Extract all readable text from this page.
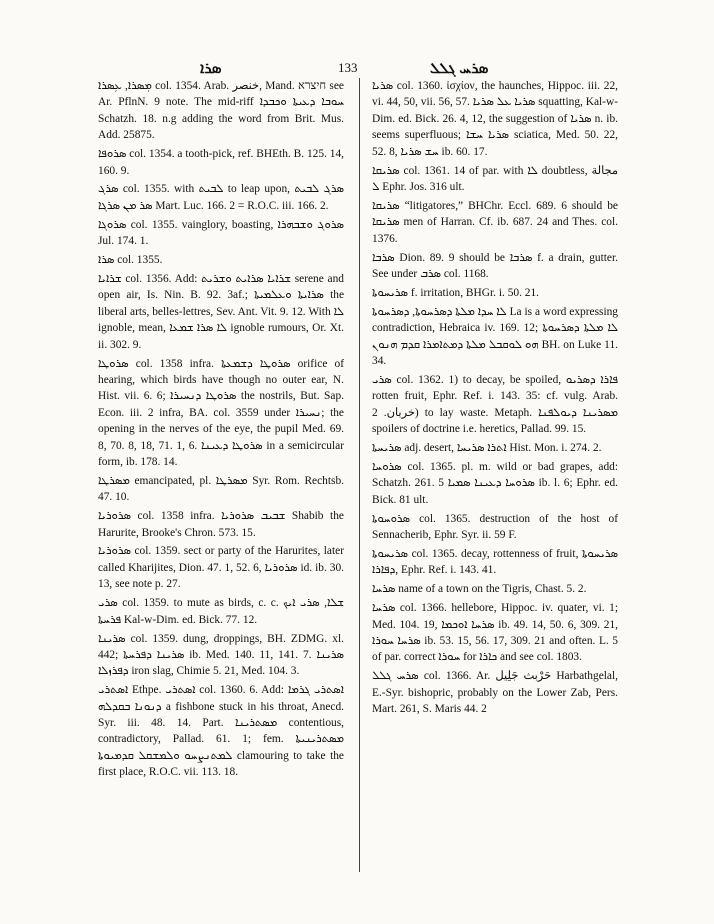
ܣܪܐ	133	ܣܪܚ ܓܠܠ

ܡܼܣܪܐ, ܥܼܣܪܐ col. 1354. Arab. خنصر, Mand. חיצרא see Ar. PflnN. 9 note. The mid-riff ܚܘܒܐ ܕܥܝܬܐ ܘܟܒܕܐ Schatzh. 18. n.g adding the word from Brit. Mus. Add. 25875.

ܣܪܘܦܐ col. 1354. a tooth-pick, ref. BHEth. B. 125. 14, 160. 9.

ܣܪܓ col. 1355. with ܠܒܝܬ to leap upon, ܣܪܓ ܠܒܝܬ ܣܪ ܡܢ ܣܪܓܐ Mart. Luc. 166. 2 = R.O.C. iii. 166. 2.

ܣܪܘܓܐ col. 1355. vainglory, boasting, ܣܪܘܓ ܘܫܒܗܪܐ Jul. 174. 1.

ܣܪܐ col. 1355.

ܫܪܐܝܐ col. 1356. Add: ܫܪܐܝܐ ܣܪܐܝܬ ܘܫܪܝܬ serene and open air, Is. Nin. B. 92. 3af.; ܣܪܐܝܬܐ ܘܥܠܡܝܬܐ the liberal arts, belles-lettres, Sev. Ant. Vit. 9. 12. With ܠܐ ignoble, mean, ܠܐ ܣܪܐ ܫܡܥܐ ignoble rumours, Or. Xt. ii. 302. 9.

ܣܪܘܛܐ col. 1358 infra. ܣܪܘܛܐ ܕܫܡܥܬܐ orifice of hearing, which birds have though no outer ear, N. Hist. vii. 6. 6; ܣܪܘܛܐ ܕܢܚܝܪܐ the nostrils, But. Sap. Econ. iii. 2 infra, BA. col. 3559 under ܢܚܝܪܐ; the opening in the nerves of the eye, the pupil Med. 69. 8, 70. 8, 18, 71. 1, 6. ܣܪܘܛܐ ܕܥܝܢܐ in a semicircular form, ib. 178. 14.

ܡܣܪܛܐ emancipated, pl. ܡܣܪܛܐ Syr. Rom. Rechtsb. 47. 10.

ܣܪܘܪܝܐ col. 1358 infra. ܫܒܝܒ ܣܪܘܪܝܐ Shabib the Harurite, Brooke's Chron. 573. 15.

ܣܪܘܪܝܐ col. 1359. sect or party of the Harurites, later called Kharijites, Dion. 47. 1, 52. 6, ܣܪܘܪܝܐ id. ib. 30. 13, see note p. 27.

ܣܪܝ col. 1359. to mute as birds, c. c. ܫܠܐ, ܣܪܝ ܐܝܟ ܦܪܚܬܐ Kal-w-Dim. ed. Bick. 77. 12.

ܣܪܝܢܐ col. 1359. dung, droppings, BH. ZDMG. xl. 442; ܣܪܝܢܐ ܕܦܪܚܬܐ ib. Med. 140. 11, 141. 7. ܣܪܝܢܐ ܕܦܪܙܠܐ iron slag, Chimie 5. 21, Med. 104. 3.

ܐܣܬܪܝ Ethpe. ܐܣܬܪܝ col. 1360. 6. Add: ܐܣܬܪܝ ܓܪܡܐ ܕܢܘܢܐ ܒܩܕܠܗ a fishbone stuck in his throat, Anecd. Syr. iii. 48. 14. Part. ܡܣܬܪܝܢܐ contentious, contradictory, Pallad. 61. 1; fem. ܡܣܬܪܝܢܝܬܐ ܠܡܬܢܨܚܘ ܘܠܡܫܩܠ ܩܕܡܝܘܬܐ clamouring to take the first place, R.O.C. vii. 113. 18.

ܣܪܝܐ col. 1360. ἰσχίον, the haunches, Hippoc. iii. 22, vi. 44, 50, vii. 56, 57. ܣܪܝܐ ܥܠ ܣܪܝܐ squatting, Kal-w-Dim. ed. Bick. 26. 4, 12, the suggestion of ܣܪܝܐ n. ib. seems superfluous; ܣܪܝܐ ܚܫܐ sciatica, Med. 50. 22, 52. 8, ܚܫ ܣܪܝܐ ib. 60. 17.

ܣܪܝܩܐ col. 1361. 14 of par. with ܠܐ doubtless, مجالة ܠ Ephr. Jos. 316 ult.

ܣܪܝܩܐ “litigatores,” BHChr. Eccl. 689. 6 should be ܣܪܝܩܐ men of Harran. Cf. ib. 687. 24 and Thes. col. 1376.

ܣܪܒܐ Dion. 89. 9 should be ܣܪܒܐ f. a drain, gutter. See under ܣܪܒ col. 1168.

ܣܪܝܚܘܬܐ f. irritation, BHGr. i. 50. 21.

ܠܐ ܚܕܐ ܡܠܬܐ ܕܣܪܚܘܬܐ, ܕܣܪܚܘܬܐ La is a word expressing contradiction, Hebraica iv. 169. 12; ܠܐ ܡܠܬܐ ܕܣܪܚܘܬܐ ܗܘ ܠܘܩܒܠ ܡܠܬܐ ܕܡܬܐܡܪܐ ܩܕܡ ܗܢܘܢ BH. on Luke 11. 34.

ܣܪܝ col. 1362. 1) to decay, be spoiled, ܦܐܪܐ ܕܣܪܝܘ rotten fruit, Ephr. Ref. i. 143. 35: cf. vulg. Arab. خربان. 2) to lay waste. Metaph. ܡܣܪܝܢܐ ܕܝܘܠܦܢܐ spoilers of doctrine i.e. heretics, Pallad. 99. 15.

ܣܪܝܚܬܐ adj. desert, ܐܬܪܐ ܣܪܝܚܐ Hist. Mon. i. 274. 2.

ܣܪܘܚܐ col. 1365. pl. m. wild or bad grapes, add: Schatzh. 261. 5 ܣܪܘܚܐ ܕܥܝܢܐ ܣܡܝܐ ib. l. 6; Ephr. ed. Bick. 81 ult.

ܣܪܘܚܘܬܐ col. 1365. destruction of the host of Sennacherib, Ephr. Syr. ii. 59 F.

ܣܪܝܚܘܬܐ col. 1365. decay, rottenness of fruit, ܣܪܝܚܘܬܐ ܕܦܐܪܐ, Ephr. Ref. i. 143. 41.

ܣܪܚܐ name of a town on the Tigris, Chast. 5. 2.

ܣܪܚܐ col. 1366. hellebore, Hippoc. iv. quater, vi. 1; Med. 104. 19, ܣܪܚܐ ܐܘܟܡܐ ib. 49. 14, 50. 6, 309. 21, ܣܪܚܐ ܚܘܪܐ ib. 53. 15, 56. 17, 309. 21 and often. L. 5 of par. correct ܚܘܪܐ for ܟܐܪܐ and see col. 1803.

ܣܪܚ ܓܠܠ col. 1366. Ar. حَرْبث جَلِيل Harbathgelal, E.-Syr. bishopric, probably on the Lower Zab, Pers. Mart. 261, S. Maris 44. 2
